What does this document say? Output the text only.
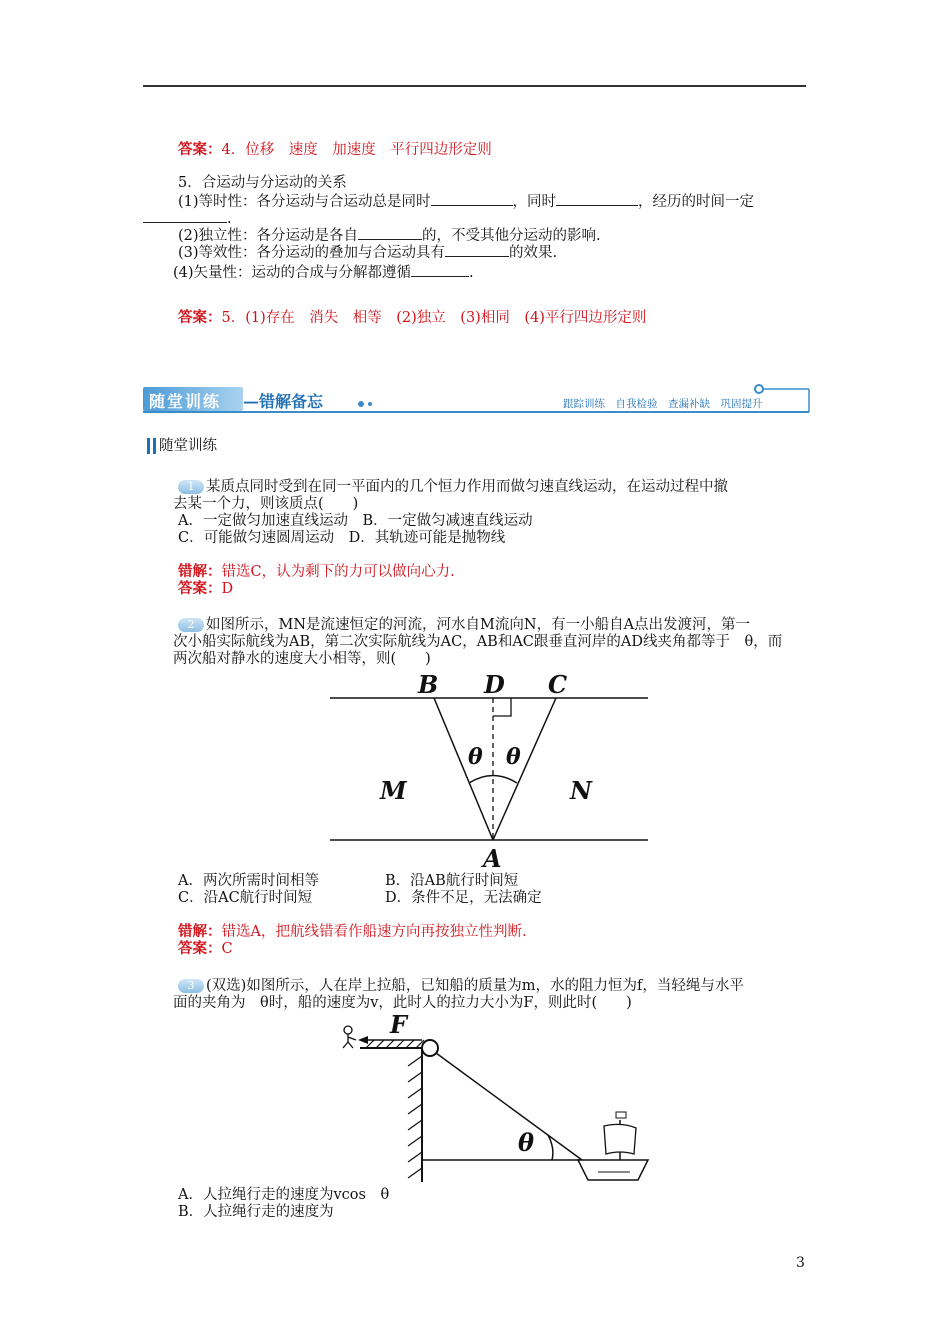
答案：4．位移　速度　加速度　平行四边形定则
5．合运动与分运动的关系
(1)等时性：各分运动与合运动总是同时	，同时	，经历的时间一定
.
(2)独立性：各分运动是各自	的，不受其他分运动的影响.
(3)等效性：各分运动的叠加与合运动具有	的效果.
(4)矢量性：运动的合成与分解都遵循	.
答案：5．(1)存在　消失　相等　(2)独立　(3)相同　(4)平行四边形定则
随堂训练 —错解备忘	跟踪训练　自我检验　查漏补缺　巩固提升
随堂训练
1 某质点同时受到在同一平面内的几个恒力作用而做匀速直线运动，在运动过程中撤
去某一个力，则该质点(　　)
A．一定做匀加速直线运动　B．一定做匀减速直线运动
C．可能做匀速圆周运动　D．其轨迹可能是抛物线
错解：错选C，认为剩下的力可以做向心力.
答案：D
2 如图所示，MN是流速恒定的河流，河水自M流向N，有一小船自A点出发渡河，第一
次小船实际航线为AB，第二次实际航线为AC，AB和AC跟垂直河岸的AD线夹角都等于　θ，而
两次船对静水的速度大小相等，则(　　)
B D C
θ θ
M	N
A
A．两次所需时间相等	B．沿AB航行时间短
C．沿AC航行时间短	D．条件不足，无法确定
错解：错选A，把航线错看作船速方向再按独立性判断.
答案：C
3 (双选)如图所示，人在岸上拉船，已知船的质量为m，水的阻力恒为f，当轻绳与水平
面的夹角为　θ时，船的速度为v，此时人的拉力大小为F，则此时(　　)
F
θ
A．人拉绳行走的速度为vcos　θ
B．人拉绳行走的速度为
3
